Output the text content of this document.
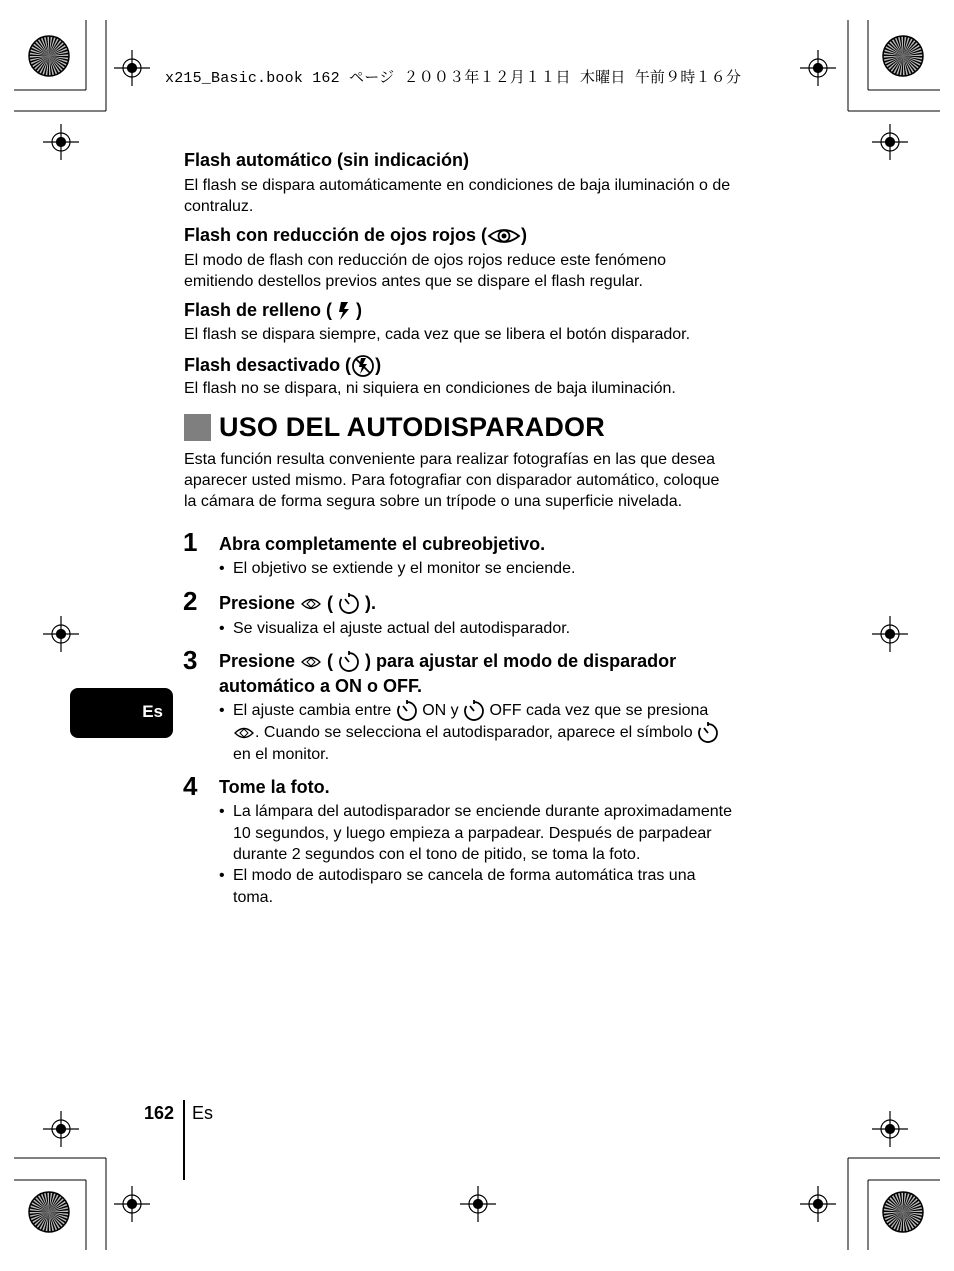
x215_Basic.book 162 ページ ２００３年１２月１１日 木曜日 午前９時１６分
Flash automático (sin indicación)
El flash se dispara automáticamente en condiciones de baja iluminación o de
contraluz.
Flash con reducción de ojos rojos ( )
El modo de flash con reducción de ojos rojos reduce este fenómeno
emitiendo destellos previos antes que se dispare el flash regular.
Flash de relleno (  )
El flash se dispara siempre, cada vez que se libera el botón disparador.
Flash desactivado ( )
El flash no se dispara, ni siquiera en condiciones de baja iluminación.
USO DEL AUTODISPARADOR
Esta función resulta conveniente para realizar fotografías en las que desea
aparecer usted mismo. Para fotografiar con disparador automático, coloque
la cámara de forma segura sobre un trípode o una superficie nivelada.
1 Abra completamente el cubreobjetivo.
• El objetivo se extiende y el monitor se enciende.
2 Presione  (  ).
• Se visualiza el ajuste actual del autodisparador.
3 Presione  (  ) para ajustar el modo de disparador
automático a ON o OFF.
• El ajuste cambia entre  ON y  OFF cada vez que se presiona
. Cuando se selecciona el autodisparador, aparece el símbolo
en el monitor.
4 Tome la foto.
• La lámpara del autodisparador se enciende durante aproximadamente
10 segundos, y luego empieza a parpadear. Después de parpadear
durante 2 segundos con el tono de pitido, se toma la foto.
• El modo de autodisparo se cancela de forma automática tras una
toma.
Es
162 Es
